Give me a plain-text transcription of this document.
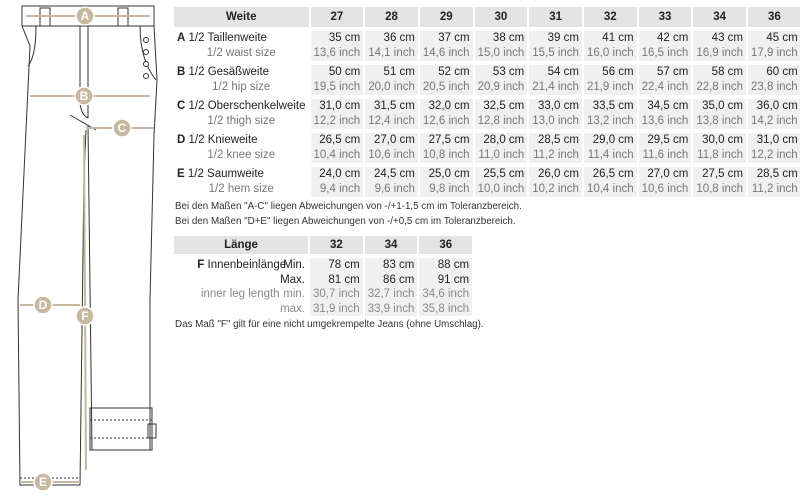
A
B
C
D
E
F
Weite	27	28	29	30	31	32	33	34	36

A 1/2 Taillenweite	35 cm	36 cm	37 cm	38 cm	39 cm	41 cm	42 cm	43 cm	45 cm
1/2 waist size	13,6 inch	14,1 inch	14,6 inch	15,0 inch	15,5 inch	16,0 inch	16,5 inch	16,9 inch	17,9 inch

B 1/2 Gesäßweite	50 cm	51 cm	52 cm	53 cm	54 cm	56 cm	57 cm	58 cm	60 cm
1/2 hip size	19,5 inch	20,0 inch	20,5 inch	20,9 inch	21,4 inch	21,9 inch	22,4 inch	22,8 inch	23,8 inch

C 1/2 Oberschenkelweite	31,0 cm	31,5 cm	32,0 cm	32,5 cm	33,0 cm	33,5 cm	34,5 cm	35,0 cm	36,0 cm
1/2 thigh size	12,2 inch	12,4 inch	12,6 inch	12,8 inch	13,0 inch	13,2 inch	13,6 inch	13,8 inch	14,2 inch

D 1/2 Knieweite	26,5 cm	27,0 cm	27,5 cm	28,0 cm	28,5 cm	29,0 cm	29,5 cm	30,0 cm	31,0 cm
1/2 knee size	10,4 inch	10,6 inch	10,8 inch	11,0 inch	11,2 inch	11,4 inch	11,6 inch	11,8 inch	12,2 inch

E 1/2 Saumweite	24,0 cm	24,5 cm	25,0 cm	25,5 cm	26,0 cm	26,5 cm	27,0 cm	27,5 cm	28,5 cm
1/2 hem size	9,4 inch	9,6 inch	9,8 inch	10,0 inch	10,2 inch	10,4 inch	10,6 inch	10,8 inch	11,2 inch
Bei den Maßen "A-C" liegen Abweichungen von -/+1-1,5 cm im Toleranzbereich.
Bei den Maßen "D+E" liegen Abweichungen von -/+0,5 cm im Toleranzbereich.
Länge	32	34	36

F InnenbeinlängeMin.	78 cm	83 cm	88 cm
Max.	81 cm	86 cm	91 cm
inner leg length min.	30,7 inch	32,7 inch	34,6 inch
max.	31,9 inch	33,9 inch	35,8 inch
Das Maß "F" gilt für eine nicht umgekrempelte Jeans (ohne Umschlag).
